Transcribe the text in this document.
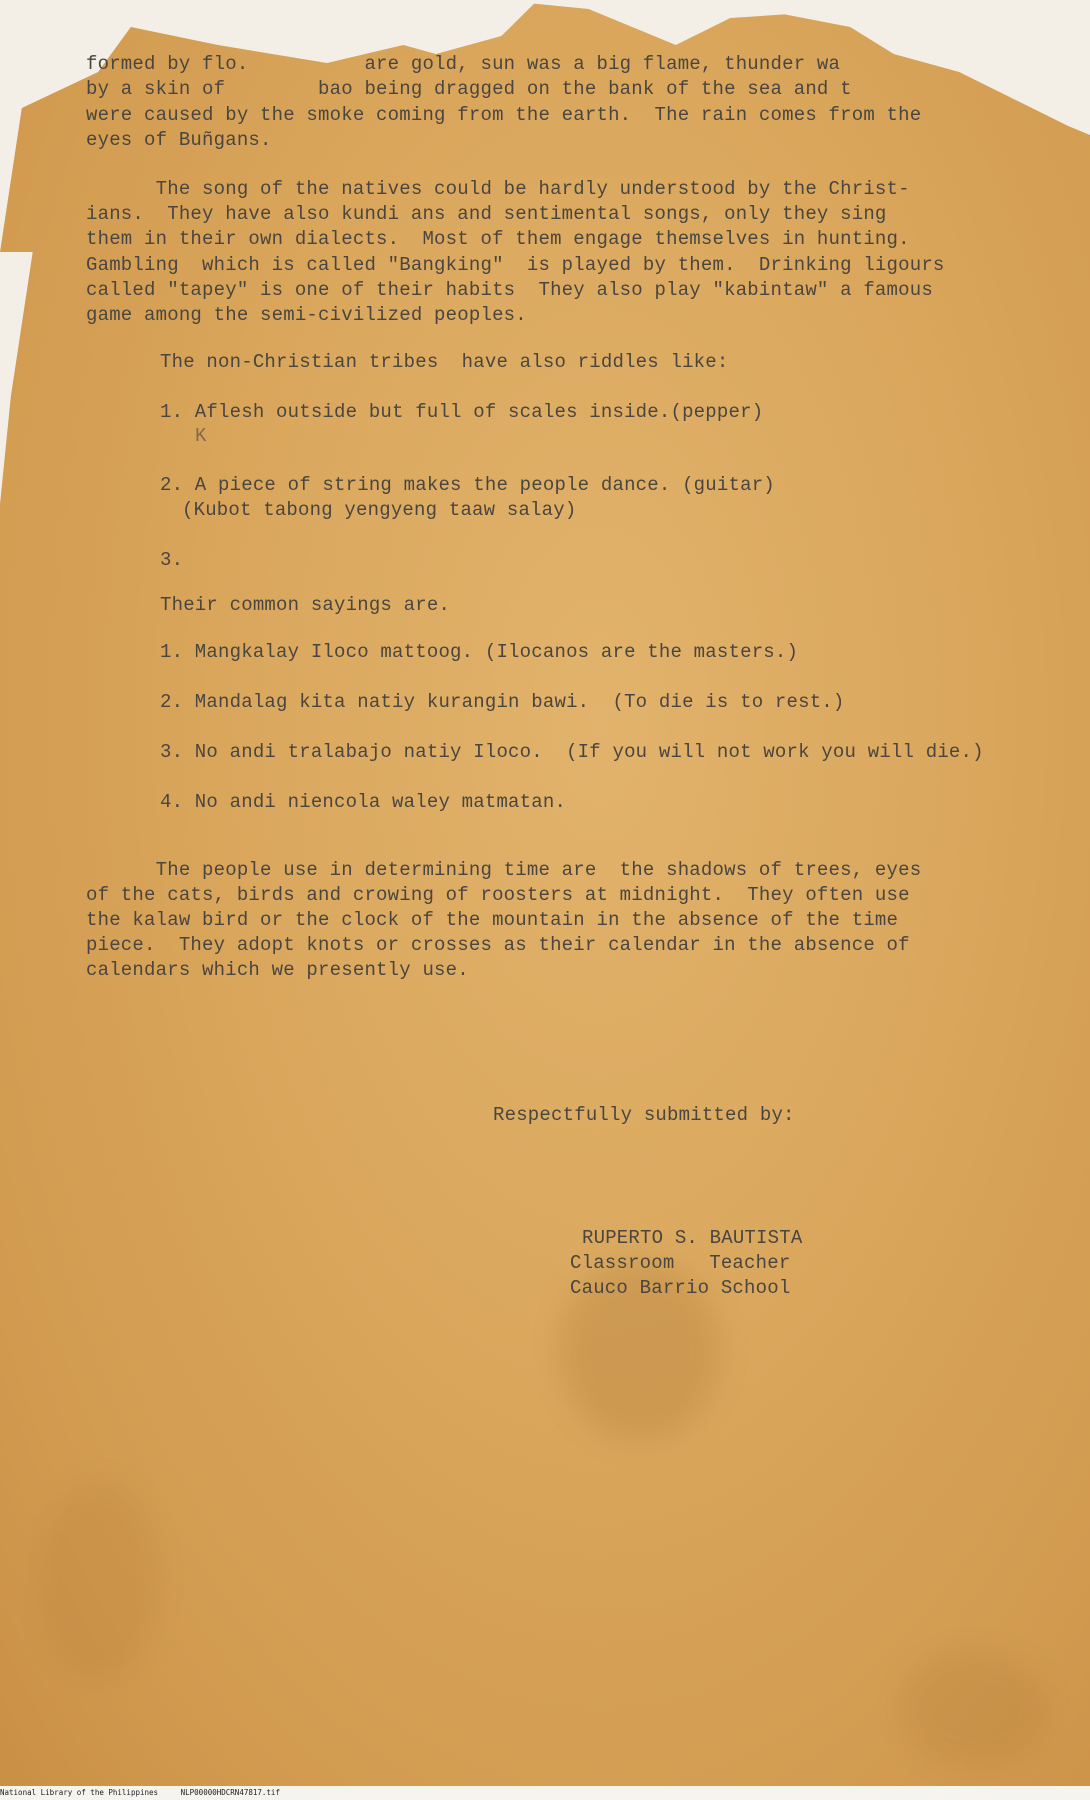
formed by flo.          are gold, sun was a big flame, thunder wa
by a skin of        bao being dragged on the bank of the sea and t
were caused by the smoke coming from the earth.  The rain comes from the
eyes of Buñgans.
The song of the natives could be hardly understood by the Christ-
ians.  They have also kundi ans and sentimental songs, only they sing
them in their own dialects.  Most of them engage themselves in hunting.
Gambling  which is called "Bangking"  is played by them.  Drinking ligours
called "tapey" is one of their habits  They also play "kabintaw" a famous
game among the semi-civilized peoples.
The non-Christian tribes  have also riddles like:
1. Aflesh outside but full of scales inside.(pepper)
K
2. A piece of string makes the people dance. (guitar)
(Kubot tabong yengyeng taaw salay)
3.
Their common sayings are.
1. Mangkalay Iloco mattoog. (Ilocanos are the masters.)
2. Mandalag kita natiy kurangin bawi.  (To die is to rest.)
3. No andi tralabajo natiy Iloco.  (If you will not work you will die.)
4. No andi niencola waley matmatan.
The people use in determining time are  the shadows of trees, eyes
of the cats, birds and crowing of roosters at midnight.  They often use
the kalaw bird or the clock of the mountain in the absence of the time
piece.  They adopt knots or crosses as their calendar in the absence of
calendars which we presently use.
Respectfully submitted by:
RUPERTO S. BAUTISTA
Classroom   Teacher
Cauco Barrio School
National Library of the Philippines     NLP00000HDCRN47817.tif
